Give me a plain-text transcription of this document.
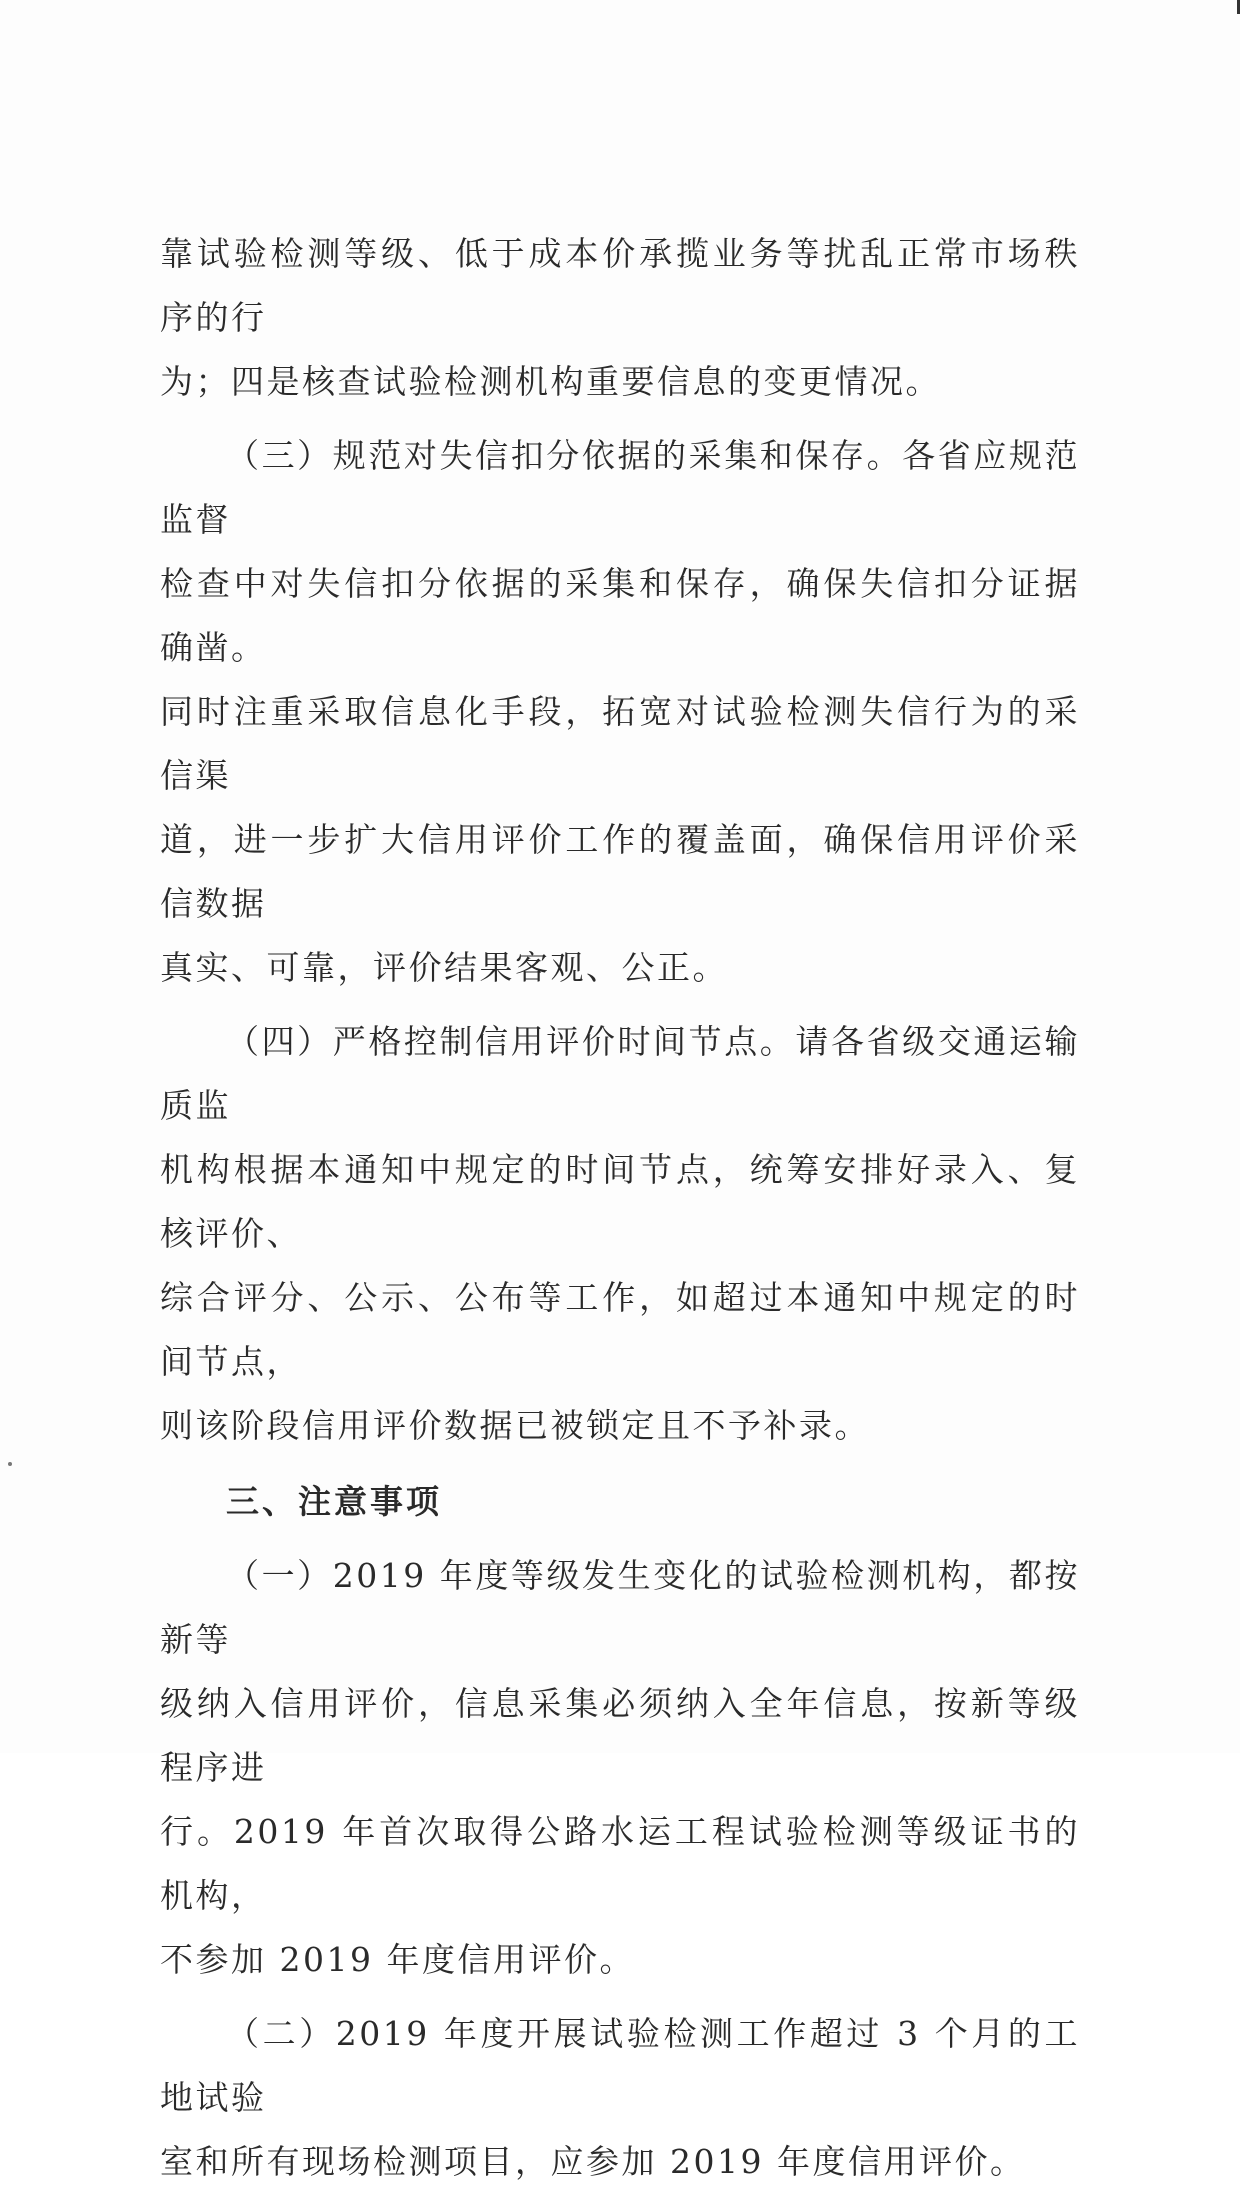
靠试验检测等级、低于成本价承揽业务等扰乱正常市场秩序的行
为；四是核查试验检测机构重要信息的变更情况。
（三）规范对失信扣分依据的采集和保存。各省应规范监督
检查中对失信扣分依据的采集和保存，确保失信扣分证据确凿。
同时注重采取信息化手段，拓宽对试验检测失信行为的采信渠
道，进一步扩大信用评价工作的覆盖面，确保信用评价采信数据
真实、可靠，评价结果客观、公正。
（四）严格控制信用评价时间节点。请各省级交通运输质监
机构根据本通知中规定的时间节点，统筹安排好录入、复核评价、
综合评分、公示、公布等工作，如超过本通知中规定的时间节点，
则该阶段信用评价数据已被锁定且不予补录。
三、注意事项
（一）2019 年度等级发生变化的试验检测机构，都按新等
级纳入信用评价，信息采集必须纳入全年信息，按新等级程序进
行。2019 年首次取得公路水运工程试验检测等级证书的机构，
不参加 2019 年度信用评价。
（二）2019 年度开展试验检测工作超过 3 个月的工地试验
室和所有现场检测项目，应参加 2019 年度信用评价。
